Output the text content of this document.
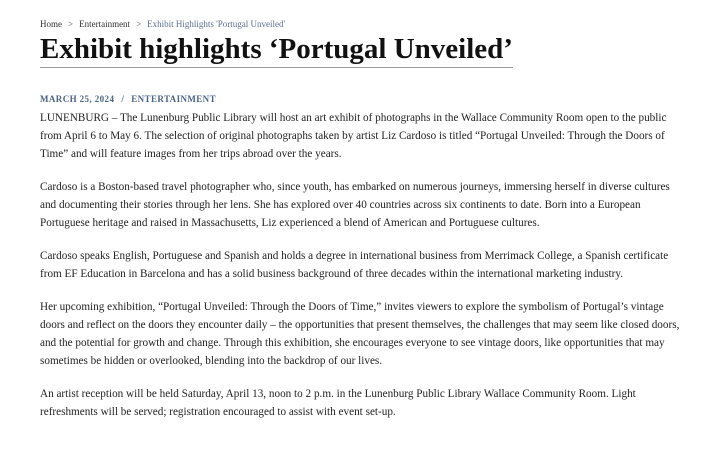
Home > Entertainment > Exhibit Highlights 'Portugal Unveiled'
Exhibit highlights ‘Portugal Unveiled’
MARCH 25, 2024 / ENTERTAINMENT

LUNENBURG – The Lunenburg Public Library will host an art exhibit of photographs in the Wallace Community Room open to the public from April 6 to May 6. The selection of original photographs taken by artist Liz Cardoso is titled “Portugal Unveiled: Through the Doors of Time” and will feature images from her trips abroad over the years.

Cardoso is a Boston-based travel photographer who, since youth, has embarked on numerous journeys, immersing herself in diverse cultures and documenting their stories through her lens. She has explored over 40 countries across six continents to date. Born into a European Portuguese heritage and raised in Massachusetts, Liz experienced a blend of American and Portuguese cultures.

Cardoso speaks English, Portuguese and Spanish and holds a degree in international business from Merrimack College, a Spanish certificate from EF Education in Barcelona and has a solid business background of three decades within the international marketing industry.

Her upcoming exhibition, “Portugal Unveiled: Through the Doors of Time,” invites viewers to explore the symbolism of Portugal’s vintage doors and reflect on the doors they encounter daily – the opportunities that present themselves, the challenges that may seem like closed doors, and the potential for growth and change. Through this exhibition, she encourages everyone to see vintage doors, like opportunities that may sometimes be hidden or overlooked, blending into the backdrop of our lives.

An artist reception will be held Saturday, April 13, noon to 2 p.m. in the Lunenburg Public Library Wallace Community Room. Light refreshments will be served; registration encouraged to assist with event set-up.
